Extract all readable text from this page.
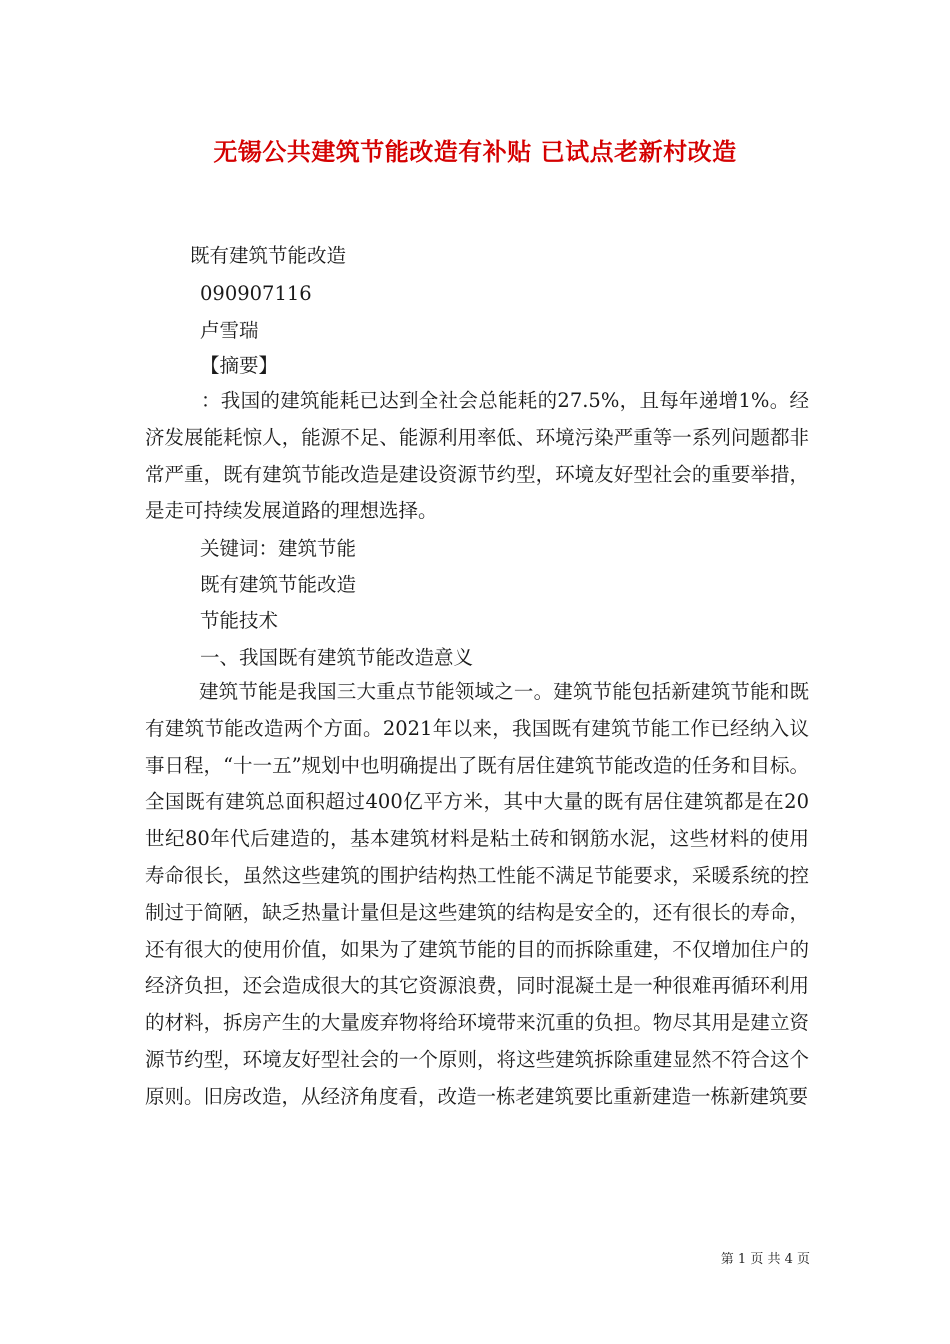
无锡公共建筑节能改造有补贴 已试点老新村改造
既有建筑节能改造
090907116
卢雪瑞
【摘要】
：我国的建筑能耗已达到全社会总能耗的27.5%，且每年递增1%。经济发展能耗惊人，能源不足、能源利用率低、环境污染严重等一系列问题都非常严重，既有建筑节能改造是建设资源节约型，环境友好型社会的重要举措，是走可持续发展道路的理想选择。
关键词：建筑节能
既有建筑节能改造
节能技术
一、我国既有建筑节能改造意义
建筑节能是我国三大重点节能领域之一。建筑节能包括新建筑节能和既有建筑节能改造两个方面。2021年以来，我国既有建筑节能工作已经纳入议事日程，“十一五”规划中也明确提出了既有居住建筑节能改造的任务和目标。全国既有建筑总面积超过400亿平方米，其中大量的既有居住建筑都是在20世纪80年代后建造的，基本建筑材料是粘土砖和钢筋水泥，这些材料的使用寿命很长，虽然这些建筑的围护结构热工性能不满足节能要求，采暖系统的控制过于简陋，缺乏热量计量但是这些建筑的结构是安全的，还有很长的寿命，还有很大的使用价值，如果为了建筑节能的目的而拆除重建，不仅增加住户的经济负担，还会造成很大的其它资源浪费，同时混凝土是一种很难再循环利用的材料，拆房产生的大量废弃物将给环境带来沉重的负担。物尽其用是建立资源节约型，环境友好型社会的一个原则，将这些建筑拆除重建显然不符合这个原则。旧房改造，从经济角度看，改造一栋老建筑要比重新建造一栋新建筑要
第 1 页 共 4 页
